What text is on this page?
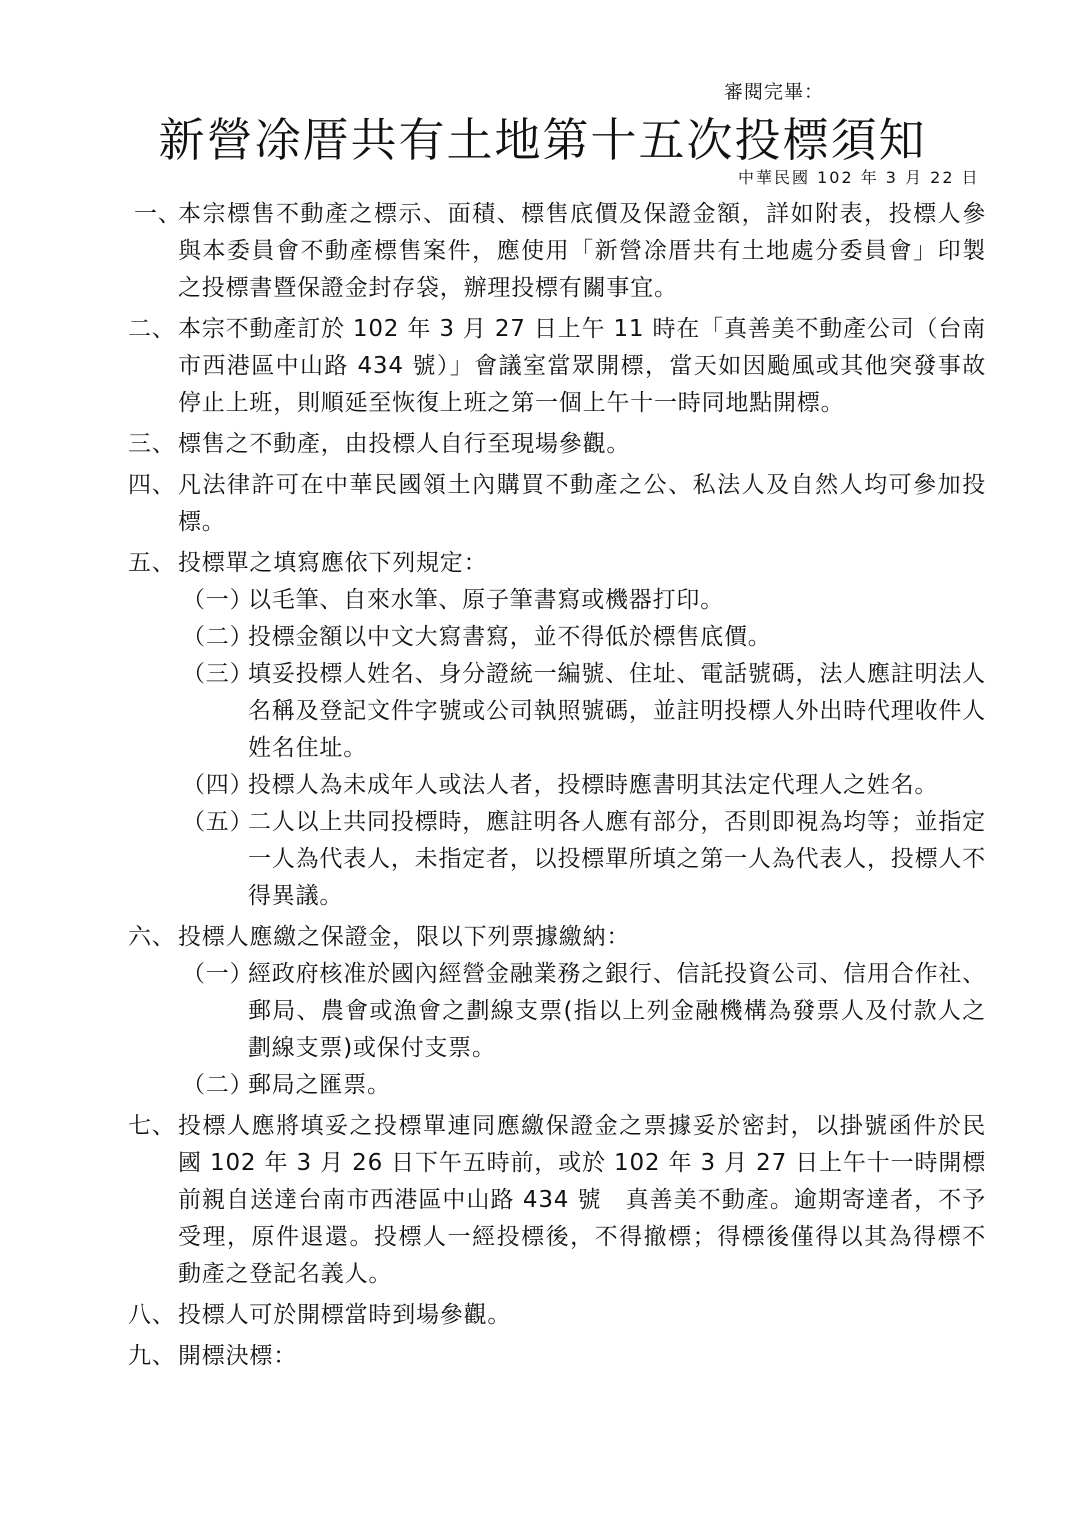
審閱完畢：
新營凃厝共有土地第十五次投標須知
中華民國 102 年 3 月 22 日
一、
本宗標售不動產之標示、面積、標售底價及保證金額，詳如附表，投標人參與本委員會不動產標售案件，應使用「新營凃厝共有土地處分委員會」印製之投標書暨保證金封存袋，辦理投標有關事宜。
二、 本宗不動產訂於 102 年 3 月 27 日上午 11 時在「真善美不動產公司（台南市西港區中山路 434 號）」會議室當眾開標，當天如因颱風或其他突發事故停止上班，則順延至恢復上班之第一個上午十一時同地點開標。
三、 標售之不動產，由投標人自行至現場參觀。
四、 凡法律許可在中華民國領土內購買不動產之公、私法人及自然人均可參加投標。
五、 投標單之填寫應依下列規定：
（一）
以毛筆、自來水筆、原子筆書寫或機器打印。
（二）
投標金額以中文大寫書寫，並不得低於標售底價。
（三）
填妥投標人姓名、身分證統一編號、住址、電話號碼，法人應註明法人名稱及登記文件字號或公司執照號碼，並註明投標人外出時代理收件人姓名住址。
（四）
投標人為未成年人或法人者，投標時應書明其法定代理人之姓名。
（五）
二人以上共同投標時，應註明各人應有部分，否則即視為均等；並指定一人為代表人，未指定者，以投標單所填之第一人為代表人，投標人不得異議。
六、 投標人應繳之保證金，限以下列票據繳納：
（一）
經政府核准於國內經營金融業務之銀行、信託投資公司、信用合作社、郵局、農會或漁會之劃線支票(指以上列金融機構為發票人及付款人之劃線支票)或保付支票。
（二）
郵局之匯票。
七、 投標人應將填妥之投標單連同應繳保證金之票據妥於密封，以掛號函件於民國 102 年 3 月 26 日下午五時前，或於 102 年 3 月 27 日上午十一時開標前親自送達台南市西港區中山路 434 號　真善美不動產。逾期寄達者，不予受理，原件退還。投標人一經投標後，不得撤標；得標後僅得以其為得標不動產之登記名義人。
八、 投標人可於開標當時到場參觀。
九、 開標決標：
